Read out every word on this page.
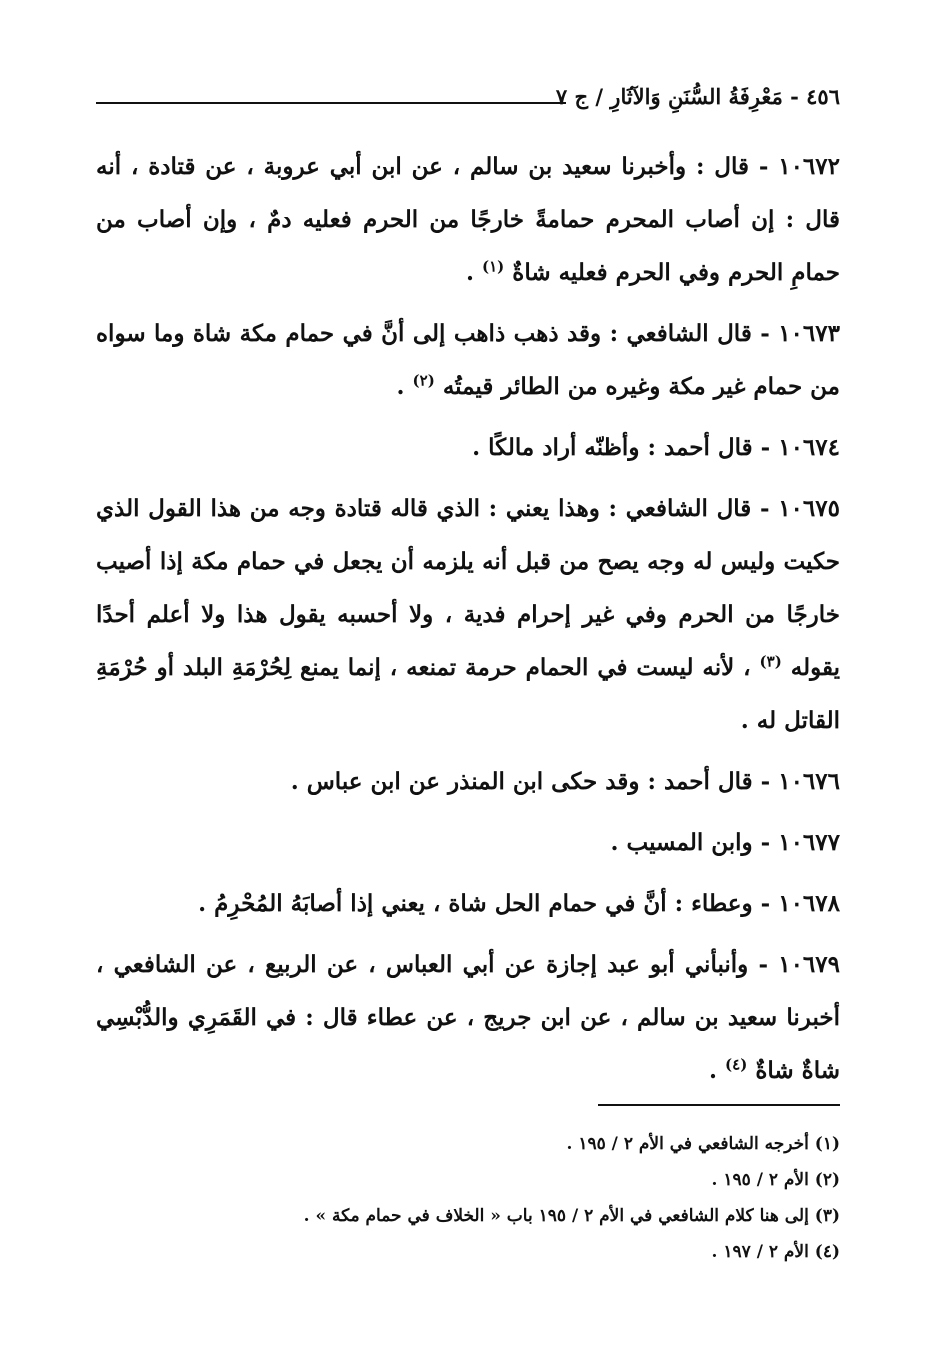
٤٥٦ - مَعْرِفَةُ السُّنَنِ وَالآثَارِ / ج ٧

١٠٦٧٢ - قال : وأخبرنا سعيد بن سالم ، عن ابن أبي عروبة ، عن قتادة ، أنه قال : إن أصاب المحرم حمامةً خارجًا من الحرم فعليه دمٌ ، وإن أصاب من حمامِ الحرم وفي الحرم فعليه شاةٌ $^{(١)}$ .

١٠٦٧٣ - قال الشافعي : وقد ذهب ذاهب إلى أنَّ في حمام مكة شاة وما سواه من حمام غير مكة وغيره من الطائر قيمتُه $^{(٢)}$ .

١٠٦٧٤ - قال أحمد : وأظنّه أراد مالكًا .

١٠٦٧٥ - قال الشافعي : وهذا يعني : الذي قاله قتادة وجه من هذا القول الذي حكيت وليس له وجه يصح من قبل أنه يلزمه أن يجعل في حمام مكة إذا أصيب خارجًا من الحرم وفي غير إحرام فدية ، ولا أحسبه يقول هذا ولا أعلم أحدًا يقوله $^{(٣)}$ ، لأنه ليست في الحمام حرمة تمنعه ، إنما يمنع لِحُرْمَةِ البلد أو حُرْمَةِ القاتل له .

١٠٦٧٦ - قال أحمد : وقد حكى ابن المنذر عن ابن عباس .

١٠٦٧٧ - وابن المسيب .

١٠٦٧٨ - وعطاء : أنَّ في حمام الحل شاة ، يعني إذا أصابَهُ المُحْرِمُ .

١٠٦٧٩ - وأنبأني أبو عبد إجازة عن أبي العباس ، عن الربيع ، عن الشافعي ، أخبرنا سعيد بن سالم ، عن ابن جريج ، عن عطاء قال : في القَمَرِي والدُّبْسِي شاةٌ شاةٌ $^{(٤)}$ .

(١) أخرجه الشافعي في الأم ٢ / ١٩٥ .

(٢) الأم ٢ / ١٩٥ .

(٣) إلى هنا كلام الشافعي في الأم ٢ / ١٩٥ باب « الخلاف في حمام مكة » .

(٤) الأم ٢ / ١٩٧ .
